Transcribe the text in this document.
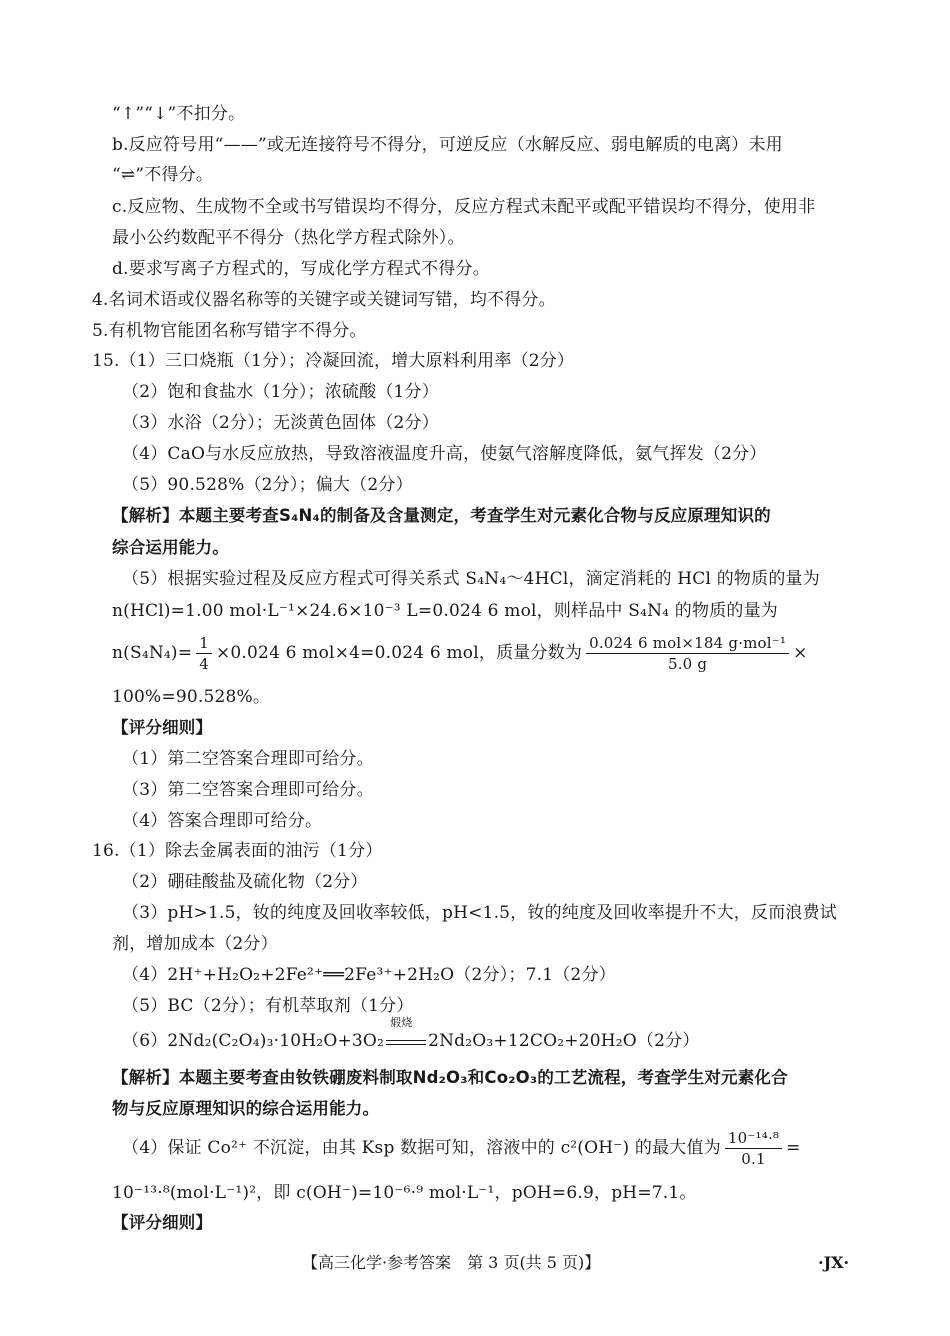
“↑”“↓”不扣分。
b.反应符号用“——”或无连接符号不得分，可逆反应（水解反应、弱电解质的电离）未用
“⇌”不得分。
c.反应物、生成物不全或书写错误均不得分，反应方程式未配平或配平错误均不得分，使用非
最小公约数配平不得分（热化学方程式除外）。
d.要求写离子方程式的，写成化学方程式不得分。
4.名词术语或仪器名称等的关键字或关键词写错，均不得分。
5.有机物官能团名称写错字不得分。
15.（1）三口烧瓶（1分）；冷凝回流，增大原料利用率（2分）
（2）饱和食盐水（1分）；浓硫酸（1分）
（3）水浴（2分）；无淡黄色固体（2分）
（4）CaO与水反应放热，导致溶液温度升高，使氨气溶解度降低，氨气挥发（2分）
（5）90.528%（2分）；偏大（2分）
【解析】本题主要考查S₄N₄的制备及含量测定，考查学生对元素化合物与反应原理知识的
综合运用能力。
（5）根据实验过程及反应方程式可得关系式 S₄N₄～4HCl，滴定消耗的 HCl 的物质的量为
n(HCl)=1.00 mol·L⁻¹×24.6×10⁻³ L=0.024 6 mol，则样品中 S₄N₄ 的物质的量为
$n(S_4N_4)= \frac{1}{4} \times 0.024$ 6 mol×4=0.024 6 mol，质量分数为 $\frac{\text{0.024 6 mol×184 g·mol⁻¹}}{5.0 g}$ ×
100%=90.528%。
【评分细则】
（1）第二空答案合理即可给分。
（3）第二空答案合理即可给分。
（4）答案合理即可给分。
16.（1）除去金属表面的油污（1分）
（2）硼硅酸盐及硫化物（2分）
（3）pH>1.5，钕的纯度及回收率较低，pH<1.5，钕的纯度及回收率提升不大，反而浪费试
剂，增加成本（2分）
（4）2H⁺+H₂O₂+2Fe²⁺══2Fe³⁺+2H₂O（2分）；7.1（2分）
（5）BC（2分）；有机萃取剂（1分）
（6）2Nd₂(C₂O₄)₃·10H₂O+3O₂
煅烧
2Nd₂O₃+12CO₂+20H₂O（2分）
【解析】本题主要考查由钕铁硼废料制取Nd₂O₃和Co₂O₃的工艺流程，考查学生对元素化合
物与反应原理知识的综合运用能力。
（4）保证 Co²⁺ 不沉淀，由其 Ksp 数据可知，溶液中的 c²(OH⁻) 的最大值为 $\frac{\text{10⁻¹⁴·⁸}}{0.1}$ =
10⁻¹³·⁸(mol·L⁻¹)²，即 c(OH⁻)=10⁻⁶·⁹ mol·L⁻¹，pOH=6.9，pH=7.1。
【评分细则】
【高三化学·参考答案　第 3 页(共 5 页)】	·JX·
